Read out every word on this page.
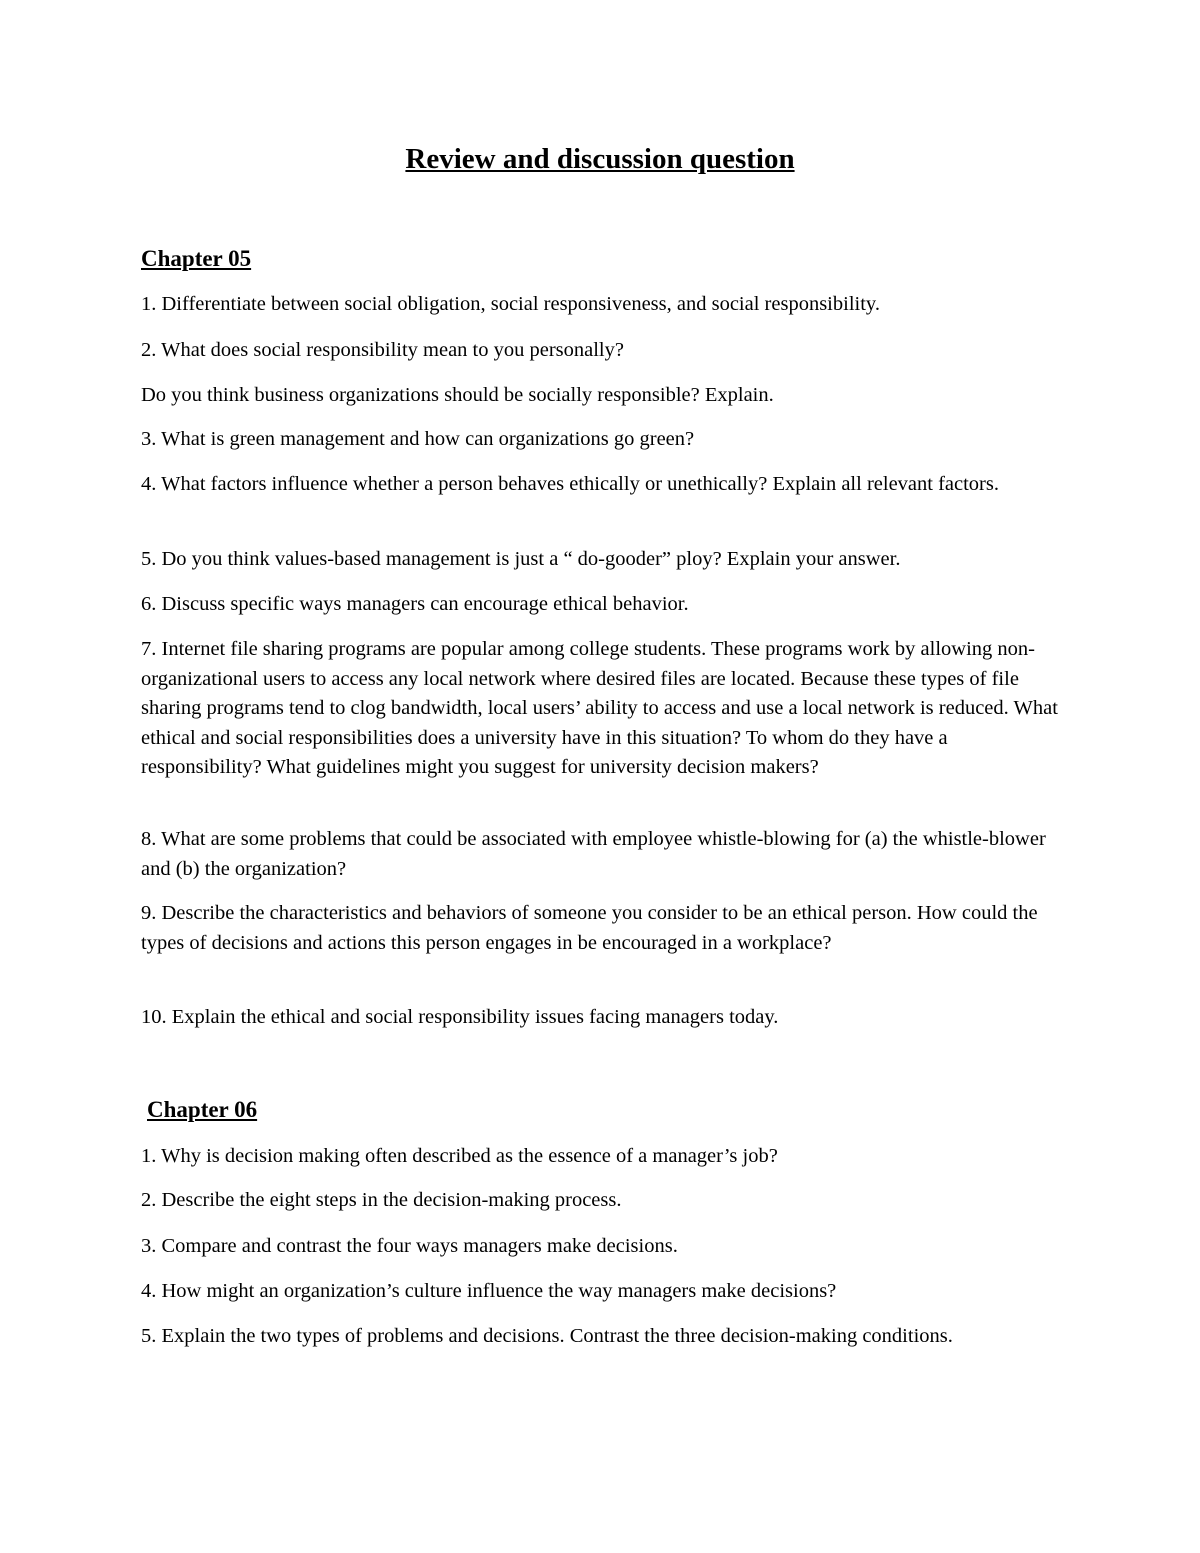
Review and discussion question
Chapter 05
1. Differentiate between social obligation, social responsiveness, and social responsibility.
2. What does social responsibility mean to you personally?
Do you think business organizations should be socially responsible? Explain.
3. What is green management and how can organizations go green?
4. What factors influence whether a person behaves ethically or unethically? Explain all relevant factors.
5. Do you think values-based management is just a “ do-gooder” ploy? Explain your answer.
6. Discuss specific ways managers can encourage ethical behavior.
7. Internet file sharing programs are popular among college students. These programs work by allowing non-organizational users to access any local network where desired files are located. Because these types of file sharing programs tend to clog bandwidth, local users’ ability to access and use a local network is reduced. What ethical and social responsibilities does a university have in this situation? To whom do they have a responsibility? What guidelines might you suggest for university decision makers?
8. What are some problems that could be associated with employee whistle-blowing for (a) the whistle-blower and (b) the organization?
9. Describe the characteristics and behaviors of someone you consider to be an ethical person. How could the types of decisions and actions this person engages in be encouraged in a workplace?
10. Explain the ethical and social responsibility issues facing managers today.
Chapter 06
1. Why is decision making often described as the essence of a manager’s job?
2. Describe the eight steps in the decision-making process.
3. Compare and contrast the four ways managers make decisions.
4. How might an organization’s culture influence the way managers make decisions?
5. Explain the two types of problems and decisions. Contrast the three decision-making conditions.
